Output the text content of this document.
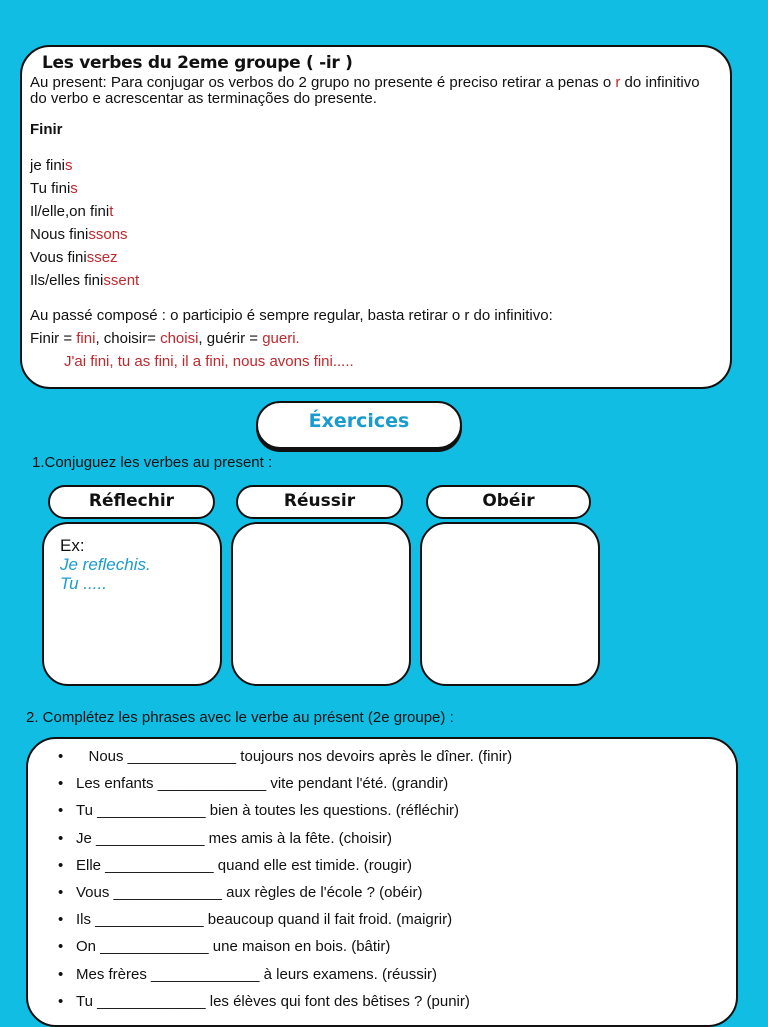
Les verbes du 2eme groupe ( -ir )

Au present: Para conjugar os verbos do 2 grupo no presente é preciso retirar a penas o r do infinitivo do verbo e acrescentar as terminações do presente.

Finir

je finis

Tu finis

Il/elle,on finit

Nous finissons

Vous finissez

Ils/elles finissent

Au passé composé : o participio é sempre regular, basta retirar o r do infinitivo:

Finir = fini, choisir= choisi, guérir = gueri.

J'ai fini, tu as fini, il a fini, nous avons fini.....

Éxercices
1.Conjuguez les verbes au present :
Réflechir	Réussir	Obéir
Ex:
Je reflechis.
Tu .....
2. Complétez les phrases avec le verbe au présent (2e groupe) :
•   Nous _____________ toujours nos devoirs après le dîner. (finir)
• Les enfants _____________ vite pendant l'été. (grandir)
• Tu _____________ bien à toutes les questions. (réfléchir)
• Je _____________ mes amis à la fête. (choisir)
• Elle _____________ quand elle est timide. (rougir)
• Vous _____________ aux règles de l'école ? (obéir)
• Ils _____________ beaucoup quand il fait froid. (maigrir)
• On _____________ une maison en bois. (bâtir)
• Mes frères _____________ à leurs examens. (réussir)
• Tu _____________ les élèves qui font des bêtises ? (punir)
